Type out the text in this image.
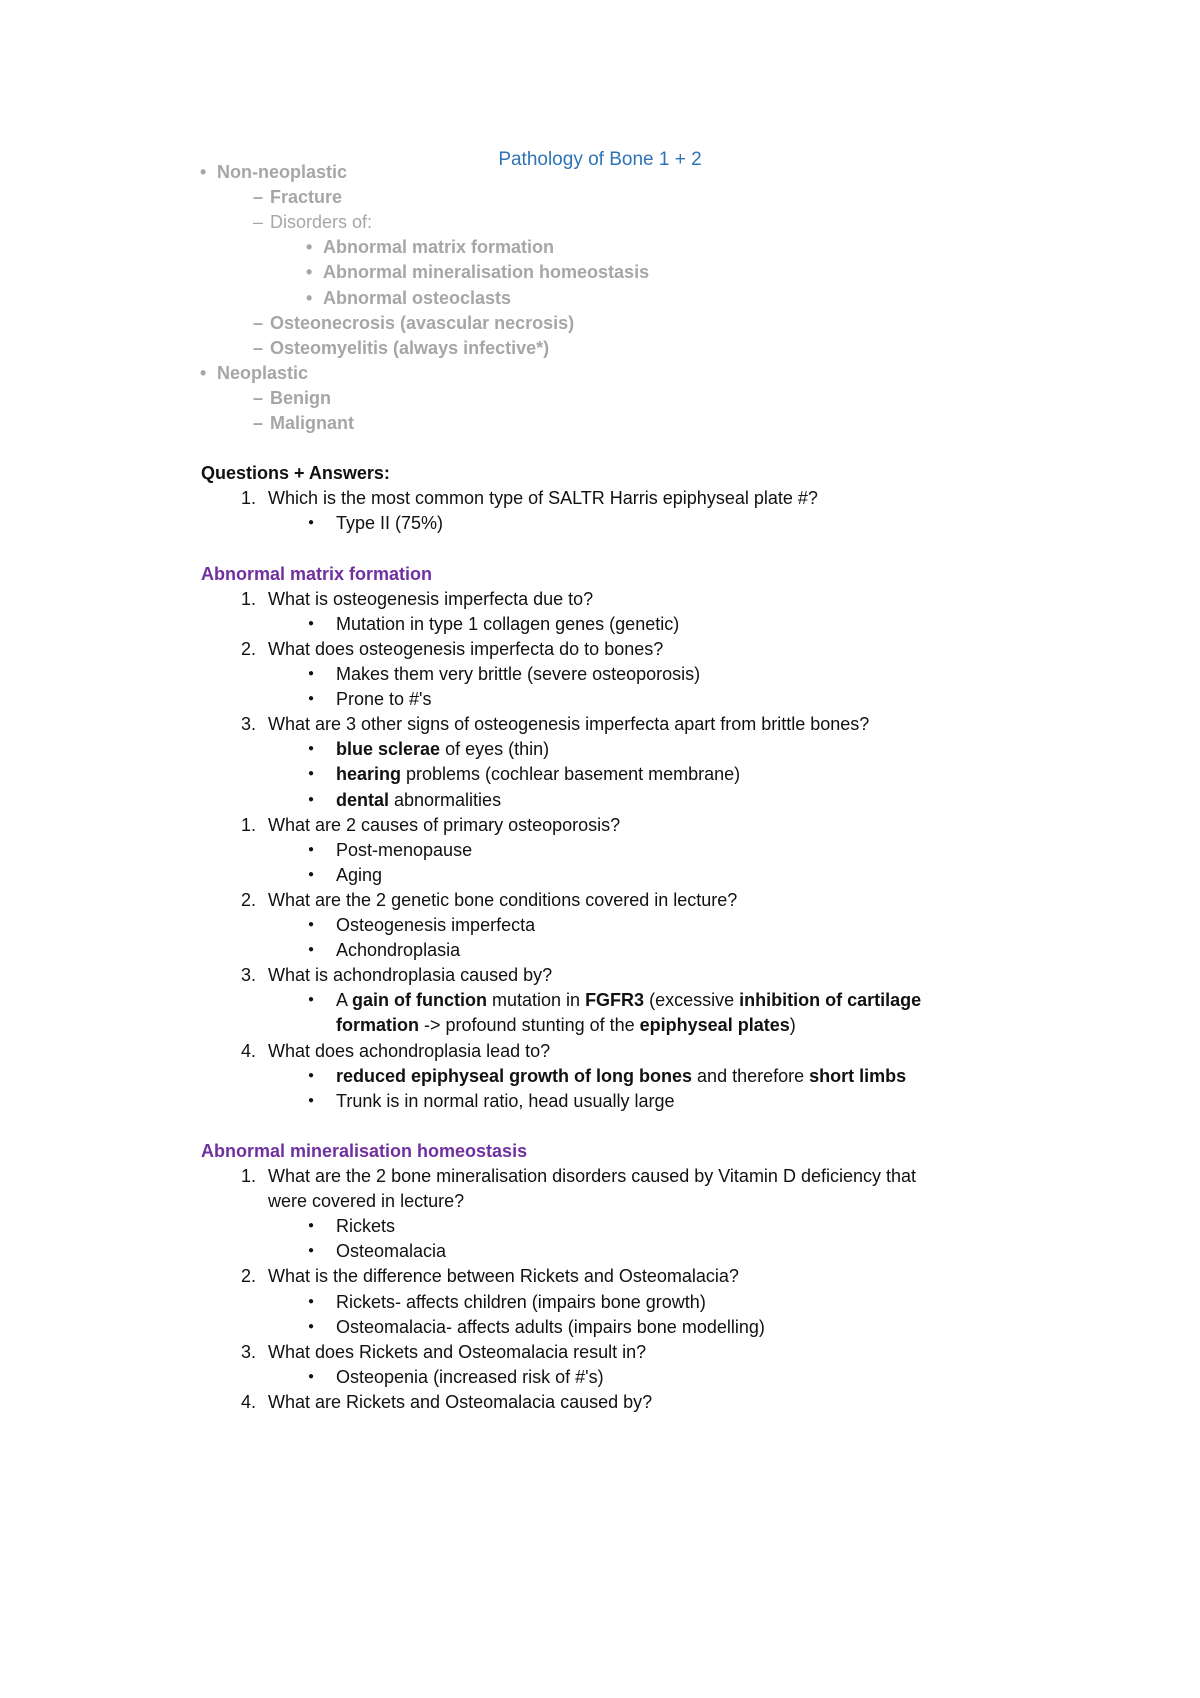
Pathology of Bone 1 + 2
• Non-neoplastic
– Fracture
– Disorders of:
• Abnormal matrix formation
• Abnormal mineralisation homeostasis
• Abnormal osteoclasts
– Osteonecrosis (avascular necrosis)
– Osteomyelitis (always infective*)
• Neoplastic
– Benign
– Malignant
Questions + Answers:
1. Which is the most common type of SALTR Harris epiphyseal plate #?
● Type II (75%)
Abnormal matrix formation
1. What is osteogenesis imperfecta due to?
● Mutation in type 1 collagen genes (genetic)
2. What does osteogenesis imperfecta do to bones?
● Makes them very brittle (severe osteoporosis)
● Prone to #'s
3. What are 3 other signs of osteogenesis imperfecta apart from brittle bones?
● blue sclerae of eyes (thin)
● hearing problems (cochlear basement membrane)
● dental abnormalities
1. What are 2 causes of primary osteoporosis?
● Post-menopause
● Aging
2. What are the 2 genetic bone conditions covered in lecture?
● Osteogenesis imperfecta
● Achondroplasia
3. What is achondroplasia caused by?
● A gain of function mutation in FGFR3 (excessive inhibition of cartilage
formation -> profound stunting of the epiphyseal plates)
4. What does achondroplasia lead to?
● reduced epiphyseal growth of long bones and therefore short limbs
● Trunk is in normal ratio, head usually large
Abnormal mineralisation homeostasis
1. What are the 2 bone mineralisation disorders caused by Vitamin D deficiency that
were covered in lecture?
● Rickets
● Osteomalacia
2. What is the difference between Rickets and Osteomalacia?
● Rickets- affects children (impairs bone growth)
● Osteomalacia- affects adults (impairs bone modelling)
3. What does Rickets and Osteomalacia result in?
● Osteopenia (increased risk of #'s)
4. What are Rickets and Osteomalacia caused by?
